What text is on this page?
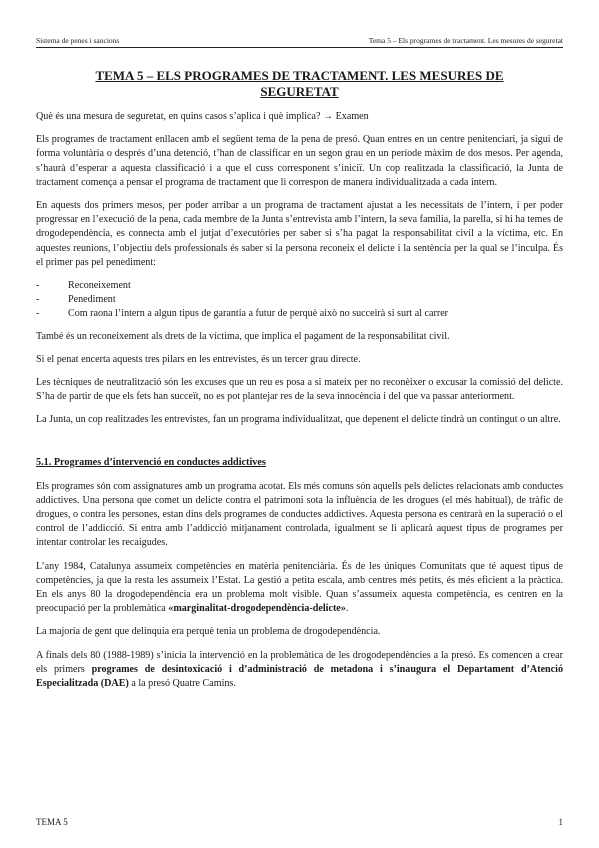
Sistema de penes i sancions	Tema 5 – Els programes de tractament. Les mesures de seguretat
TEMA 5 – ELS PROGRAMES DE TRACTAMENT. LES MESURES DE SEGURETAT

Què és una mesura de seguretat, en quins casos s’aplica i què implica? → Examen

Els programes de tractament enllacen amb el següent tema de la pena de presó. Quan entres en un centre penitenciari, ja sigui de forma voluntària o després d’una detenció, t’han de classificar en un segon grau en un període màxim de dos mesos. Per agenda, s’haurà d’esperar a aquesta classificació i a que el cuss corresponent s’iniciï. Un cop realitzada la classificació, la Junta de tractament comença a pensar el programa de tractament que li correspon de manera individualitzada a cada intern.

En aquests dos primers mesos, per poder arribar a un programa de tractament ajustat a les necessitats de l’intern, i per poder progressar en l’execució de la pena, cada membre de la Junta s’entrevista amb l’intern, la seva família, la parella, si hi ha temes de drogodependència, es connecta amb el jutjat d’executòries per saber si s’ha pagat la responsabilitat civil a la víctima, etc. En aquestes reunions, l’objectiu dels professionals és saber si la persona reconeix el delicte i la sentència per la qual se l’inculpa. És el primer pas pel penediment:

-	Reconeixement
-	Penediment
-	Com raona l’intern a algun tipus de garantia a futur de perquè això no succeirà si surt al carrer

També és un reconeixement als drets de la víctima, que implica el pagament de la responsabilitat civil.

Si el penat encerta aquests tres pilars en les entrevistes, és un tercer grau directe.

Les tècniques de neutralització són les excuses que un reu es posa a si mateix per no reconèixer o excusar la comissió del delicte. S’ha de partir de que els fets han succeït, no es pot plantejar res de la seva innocència i del que va passar anteriorment.

La Junta, un cop realitzades les entrevistes, fan un programa individualitzat, que depenent el delicte tindrà un contingut o un altre.

5.1. Programes d’intervenció en conductes addictives

Els programes són com assignatures amb un programa acotat. Els més comuns són aquells pels delictes relacionats amb conductes addictives. Una persona que comet un delicte contra el patrimoni sota la influència de les drogues (el més habitual), de tràfic de drogues, o contra les persones, estan dins dels programes de conductes addictives. Aquesta persona es centrarà en la superació o el control de l’addicció. Si entra amb l’addicció mitjanament controlada, igualment se li aplicarà aquest tipus de programes per intentar controlar les recaigudes.

L’any 1984, Catalunya assumeix competències en matèria penitenciària. És de les úniques Comunitats que té aquest tipus de competències, ja que la resta les assumeix l’Estat. La gestió a petita escala, amb centres més petits, és més eficient a la pràctica. En els anys 80 la drogodependència era un problema molt visible. Quan s’assumeix aquesta competència, es centren en la preocupació per la problemàtica «marginalitat-drogodependència-delicte».

La majoria de gent que delinquia era perquè tenia un problema de drogodependència.

A finals dels 80 (1988-1989) s’inicia la intervenció en la problemàtica de les drogodependències a la presó. Es comencen a crear els primers programes de desintoxicació i d’administració de metadona i s’inaugura el Departament d’Atenció Especialitzada (DAE) a la presó Quatre Camins.

TEMA 5	1
